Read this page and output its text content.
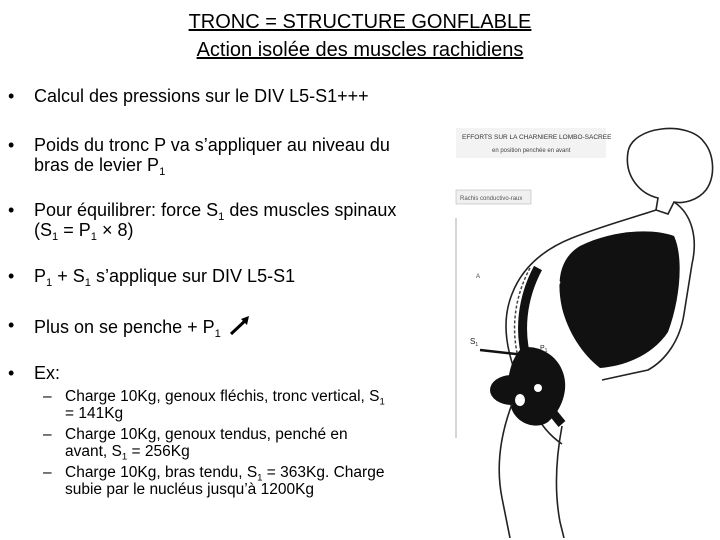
TRONC = STRUCTURE GONFLABLE
Action isolée des muscles rachidiens
• Calcul des pressions sur le DIV L5-S1+++
• Poids du tronc P va s’appliquer au niveau du
bras de levier $P_1$
• Pour équilibrer: force $S_1$ des muscles spinaux
$(S_1 = P_1 \times 8)$
• $P_1 + S_1$ s’applique sur DIV L5-S1
• Plus on se penche + $P_1$
• Ex:
– Charge 10Kg, genoux fléchis, tronc vertical, $S_1$
= 141Kg
– Charge 10Kg, genoux tendus, penché en
avant, $S_1 = 256Kg$
– Charge 10Kg, bras tendu, $S_1 = 363Kg$. Charge
subie par le nucléus jusqu’à 1200Kg
EFFORTS SUR LA CHARNIERE LOMBO-SACREE
en position penchée en avant
Rachis conductivo-raux
P
$S_1$	$P_1$
A
